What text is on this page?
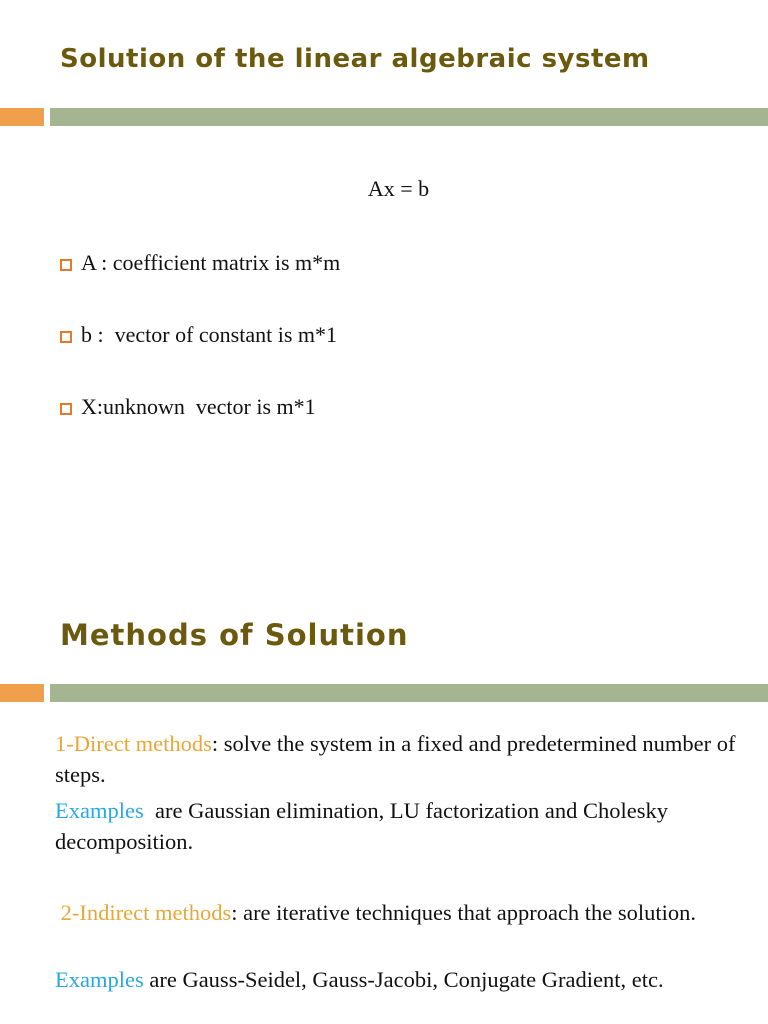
Solution of the linear algebraic system
Ax = b
A : coefficient matrix is m*m
b :  vector of constant is m*1
X:unknown  vector is m*1
Methods of Solution

1-Direct methods: solve the system in a fixed and predetermined number of steps.

Examples  are Gaussian elimination, LU factorization and Cholesky decomposition.

2-Indirect methods: are iterative techniques that approach the solution.

Examples are Gauss-Seidel, Gauss-Jacobi, Conjugate Gradient, etc.
